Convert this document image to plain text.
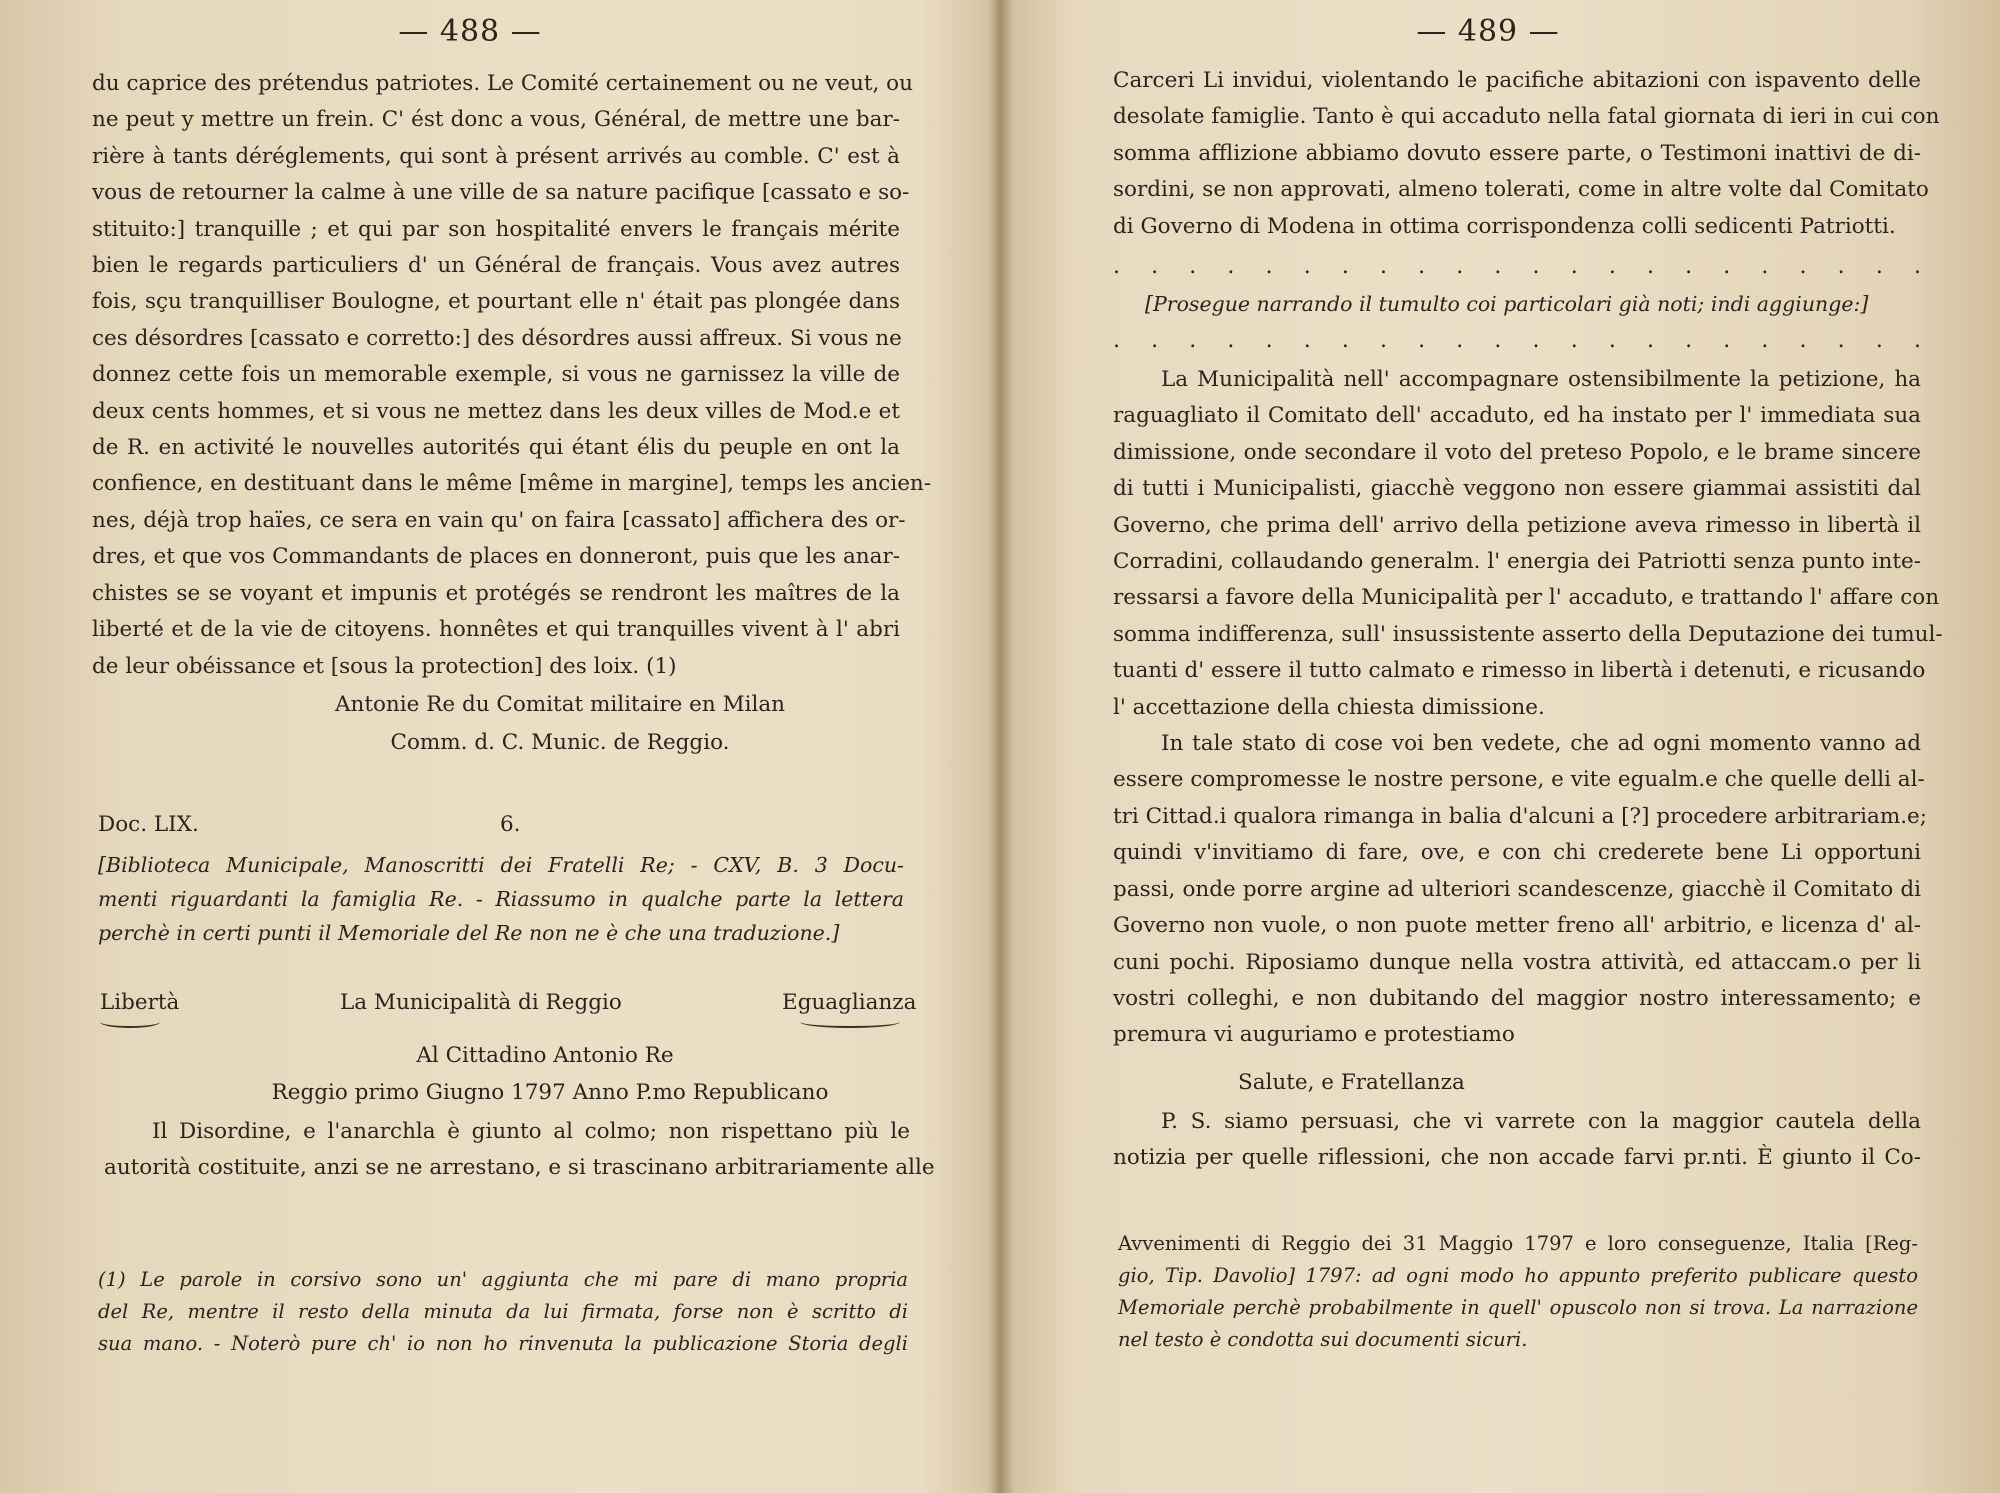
— 488 —
du caprice des prétendus patriotes. Le Comité certainement ou ne veut, ou
ne peut y mettre un frein. C' ést donc a vous, Général, de mettre une bar-
rière à tants déréglements, qui sont à présent arrivés au comble. C' est à
vous de retourner la calme à une ville de sa nature pacifique [cassato e so-
stituito:] tranquille ; et qui par son hospitalité envers le français mérite
bien le regards particuliers d' un Général de français. Vous avez autres
fois, sçu tranquilliser Boulogne, et pourtant elle n' était pas plongée dans
ces désordres [cassato e corretto:] des désordres aussi affreux. Si vous ne
donnez cette fois un memorable exemple, si vous ne garnissez la ville de
deux cents hommes, et si vous ne mettez dans les deux villes de Mod.e et
de R. en activité le nouvelles autorités qui étant élis du peuple en ont la
confience, en destituant dans le même [même in margine], temps les ancien-
nes, déjà trop haïes, ce sera en vain qu' on faira [cassato] affichera des or-
dres, et que vos Commandants de places en donneront, puis que les anar-
chistes se se voyant et impunis et protégés se rendront les maîtres de la
liberté et de la vie de citoyens. honnêtes et qui tranquilles vivent à l' abri
de leur obéissance et [sous la protection] des loix. (1)
Antonie Re du Comitat militaire en Milan
Comm. d. C. Munic. de Reggio.
Doc. LIX.	6.
[Biblioteca Municipale, Manoscritti dei Fratelli Re; - CXV, B. 3 Docu-
menti riguardanti la famiglia Re. - Riassumo in qualche parte la lettera
perchè in certi punti il Memoriale del Re non ne è che una traduzione.]
Libertà	La Municipalità di Reggio	Eguaglianza
Al Cittadino Antonio Re
Reggio primo Giugno 1797 Anno P.mo Republicano
Il Disordine, e l'anarchla è giunto al colmo; non rispettano più le
autorità costituite, anzi se ne arrestano, e si trascinano arbitrariamente alle
(1) Le parole in corsivo sono un' aggiunta che mi pare di mano propria
del Re, mentre il resto della minuta da lui firmata, forse non è scritto di
sua mano. - Noterò pure ch' io non ho rinvenuta la publicazione Storia degli
— 489 —
Carceri Li invidui, violentando le pacifiche abitazioni con ispavento delle
desolate famiglie. Tanto è qui accaduto nella fatal giornata di ieri in cui con
somma afflizione abbiamo dovuto essere parte, o Testimoni inattivi de di-
sordini, se non approvati, almeno tolerati, come in altre volte dal Comitato
di Governo di Modena in ottima corrispondenza colli sedicenti Patriotti.
. . . . . . . . . . . . . . . . . . . . . .
[Prosegue narrando il tumulto coi particolari già noti; indi aggiunge:]
. . . . . . . . . . . . . . . . . . . . . .
La Municipalità nell' accompagnare ostensibilmente la petizione, ha
raguagliato il Comitato dell' accaduto, ed ha instato per l' immediata sua
dimissione, onde secondare il voto del preteso Popolo, e le brame sincere
di tutti i Municipalisti, giacchè veggono non essere giammai assistiti dal
Governo, che prima dell' arrivo della petizione aveva rimesso in libertà il
Corradini, collaudando generalm. l' energia dei Patriotti senza punto inte-
ressarsi a favore della Municipalità per l' accaduto, e trattando l' affare con
somma indifferenza, sull' insussistente asserto della Deputazione dei tumul-
tuanti d' essere il tutto calmato e rimesso in libertà i detenuti, e ricusando
l' accettazione della chiesta dimissione.
In tale stato di cose voi ben vedete, che ad ogni momento vanno ad
essere compromesse le nostre persone, e vite egualm.e che quelle delli al-
tri Cittad.i qualora rimanga in balia d'alcuni a [?] procedere arbitrariam.e;
quindi v'invitiamo di fare, ove, e con chi crederete bene Li opportuni
passi, onde porre argine ad ulteriori scandescenze, giacchè il Comitato di
Governo non vuole, o non puote metter freno all' arbitrio, e licenza d' al-
cuni pochi. Riposiamo dunque nella vostra attività, ed attaccam.o per li
vostri colleghi, e non dubitando del maggior nostro interessamento; e
premura vi auguriamo e protestiamo
Salute, e Fratellanza
P. S. siamo persuasi, che vi varrete con la maggior cautela della
notizia per quelle riflessioni, che non accade farvi pr.nti. È giunto il Co-
Avvenimenti di Reggio dei 31 Maggio 1797 e loro conseguenze, Italia [Reg-
gio, Tip. Davolio] 1797: ad ogni modo ho appunto preferito publicare questo
Memoriale perchè probabilmente in quell' opuscolo non si trova. La narrazione
nel testo è condotta sui documenti sicuri.
